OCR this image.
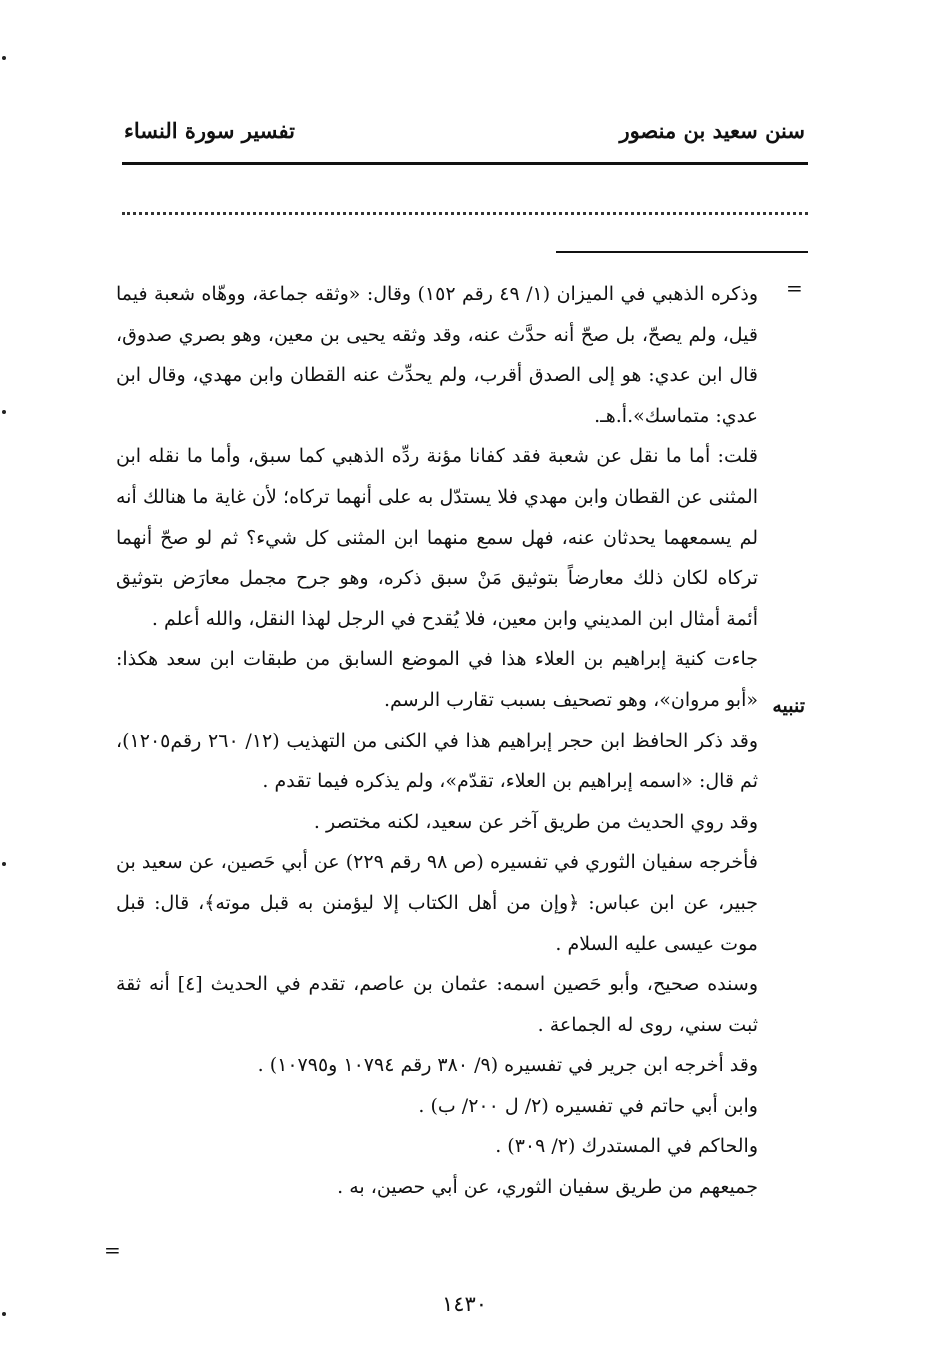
سنن سعيد بن منصور
تفسير سورة النساء
=
تنبيه

وذكره الذهبي في الميزان (١/ ٤٩ رقم ١٥٢) وقال: «وثقه جماعة، ووهّاه شعبة فيما قيل، ولم يصحّ، بل صحّ أنه حدَّث عنه، وقد وثقه يحيى بن معين، وهو بصري صدوق، قال ابن عدي: هو إلى الصدق أقرب، ولم يحدِّث عنه القطان وابن مهدي، وقال ابن عدي: متماسك».أ.هـ.

قلت: أما ما نقل عن شعبة فقد كفانا مؤنة ردِّه الذهبي كما سبق، وأما ما نقله ابن المثنى عن القطان وابن مهدي فلا يستدّل به على أنهما تركاه؛ لأن غاية ما هنالك أنه لم يسمعهما يحدثان عنه، فهل سمع منهما ابن المثنى كل شيء؟ ثم لو صحّ أنهما تركاه لكان ذلك معارضاً بتوثيق مَنْ سبق ذكره، وهو جرح مجمل معارَض بتوثيق أئمة أمثال ابن المديني وابن معين، فلا يُقدح في الرجل لهذا النقل، والله أعلم .

جاءت كنية إبراهيم بن العلاء هذا في الموضع السابق من طبقات ابن سعد هكذا: «أبو مروان»، وهو تصحيف بسبب تقارب الرسم.

وقد ذكر الحافظ ابن حجر إبراهيم هذا في الكنى من التهذيب (١٢/ ٢٦٠ رقم١٢٠٥)، ثم قال: «اسمه إبراهيم بن العلاء، تقدّم»، ولم يذكره فيما تقدم .

وقد روي الحديث من طريق آخر عن سعيد، لكنه مختصر .

فأخرجه سفيان الثوري في تفسيره (ص ٩٨ رقم ٢٢٩) عن أبي حَصين، عن سعيد بن جبير، عن ابن عباس: ﴿وإن من أهل الكتاب إلا ليؤمنن به قبل موته﴾، قال: قبل موت عيسى عليه السلام .

وسنده صحيح، وأبو حَصين اسمه: عثمان بن عاصم، تقدم في الحديث [٤] أنه ثقة ثبت سني، روى له الجماعة .

وقد أخرجه ابن جرير في تفسيره (٩/ ٣٨٠ رقم ١٠٧٩٤ و١٠٧٩٥) .

وابن أبي حاتم في تفسيره (٢/ ل ٢٠٠/ ب) .

والحاكم في المستدرك (٢/ ٣٠٩) .

جميعهم من طريق سفيان الثوري، عن أبي حصين، به .

=
١٤٣٠
